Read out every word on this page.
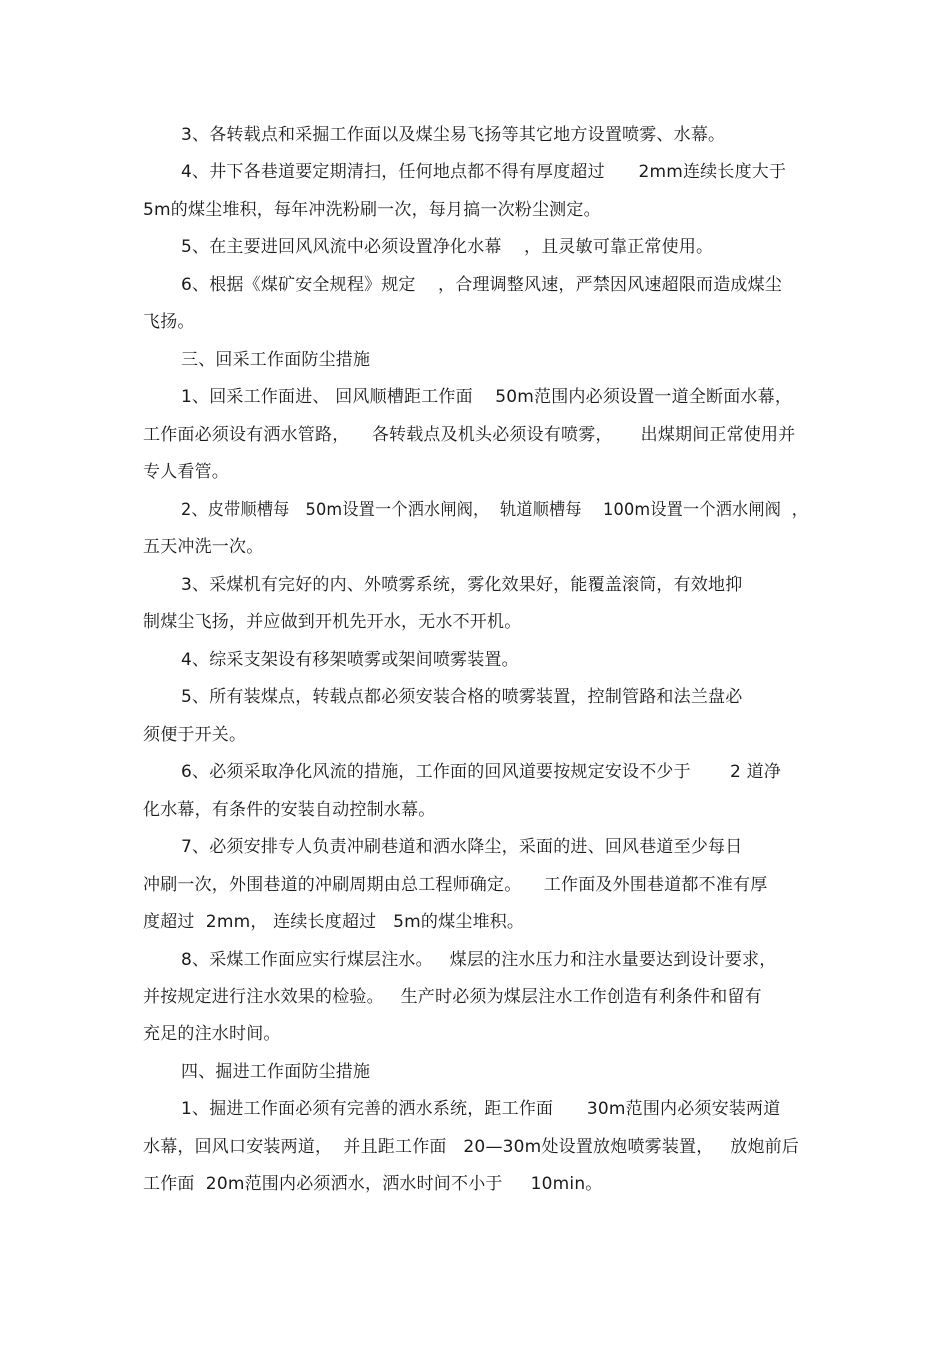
3、各转载点和采掘工作面以及煤尘易飞扬等其它地方设置喷雾、水幕。
4、井下各巷道要定期清扫，任何地点都不得有厚度超过      2mm连续长度大于
5m的煤尘堆积，每年冲洗粉刷一次，每月搞一次粉尘测定。
5、在主要进回风风流中必须设置净化水幕    ，且灵敏可靠正常使用。
6、根据《煤矿安全规程》规定    ，合理调整风速，严禁因风速超限而造成煤尘
飞扬。
三、回采工作面防尘措施
1、回采工作面进、 回风顺槽距工作面    50m范围内必须设置一道全断面水幕，
工作面必须设有洒水管路，    各转载点及机头必须设有喷雾，     出煤期间正常使用并
专人看管。
2、皮带顺槽每   50m设置一个洒水闸阀，  轨道顺槽每    100m设置一个洒水闸阀  ，
五天冲洗一次。
3、采煤机有完好的内、外喷雾系统，雾化效果好，能覆盖滚筒，有效地抑
制煤尘飞扬，并应做到开机先开水，无水不开机。
4、综采支架设有移架喷雾或架间喷雾装置。
5、所有装煤点，转载点都必须安装合格的喷雾装置，控制管路和法兰盘必
须便于开关。
6、必须采取净化风流的措施，工作面的回风道要按规定安设不少于       2 道净
化水幕，有条件的安装自动控制水幕。
7、必须安排专人负责冲刷巷道和洒水降尘，采面的进、回风巷道至少每日
冲刷一次，外围巷道的冲刷周期由总工程师确定。    工作面及外围巷道都不准有厚
度超过  2mm， 连续长度超过   5m的煤尘堆积。
8、采煤工作面应实行煤层注水。   煤层的注水压力和注水量要达到设计要求，
并按规定进行注水效果的检验。   生产时必须为煤层注水工作创造有利条件和留有
充足的注水时间。
四、掘进工作面防尘措施
1、掘进工作面必须有完善的洒水系统，距工作面      30m范围内必须安装两道
水幕，回风口安装两道，  并且距工作面   20—30m处设置放炮喷雾装置，   放炮前后
工作面  20m范围内必须洒水，洒水时间不小于     10min。
